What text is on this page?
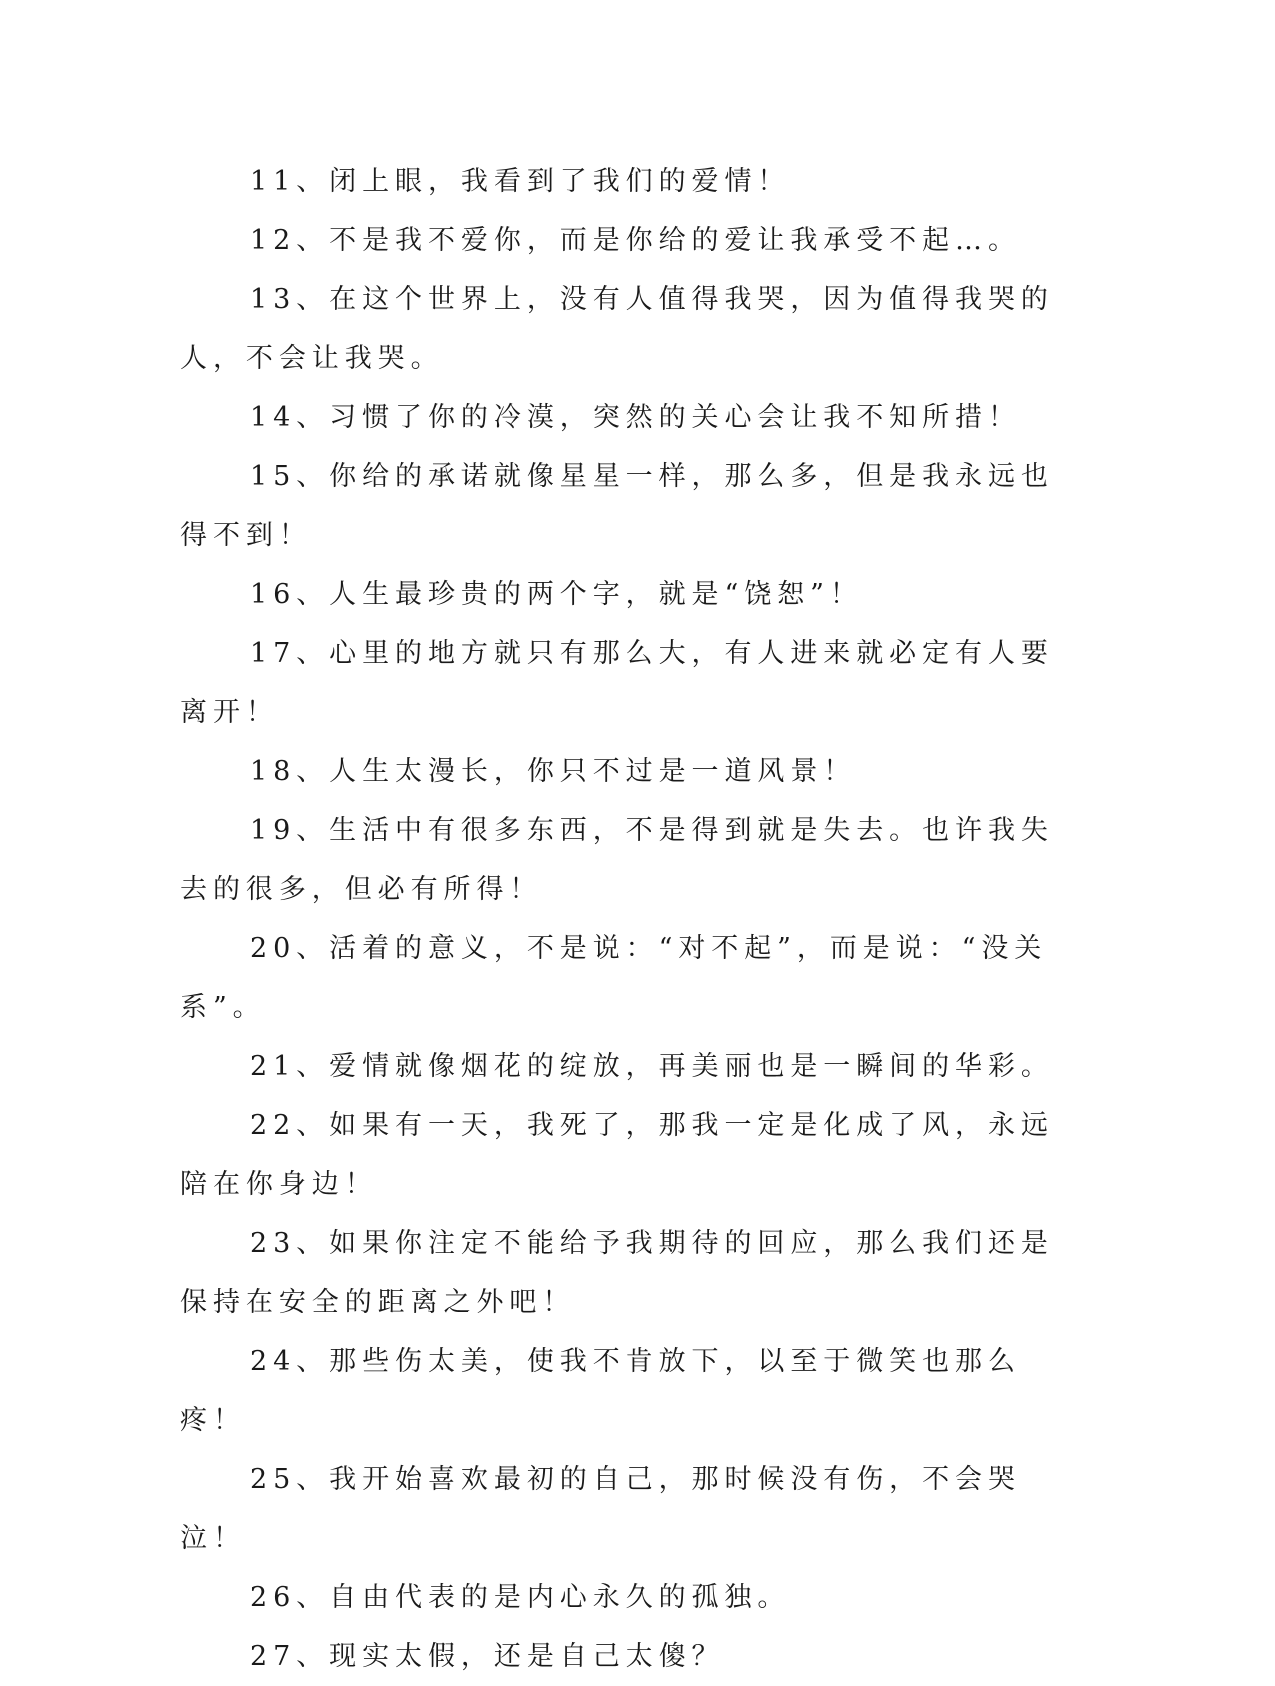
11、闭上眼，我看到了我们的爱情！

12、不是我不爱你，而是你给的爱让我承受不起…。

13、在这个世界上，没有人值得我哭，因为值得我哭的人，不会让我哭。

14、习惯了你的冷漠，突然的关心会让我不知所措！

15、你给的承诺就像星星一样，那么多，但是我永远也得不到！

16、人生最珍贵的两个字，就是“饶恕”！

17、心里的地方就只有那么大，有人进来就必定有人要离开！

18、人生太漫长，你只不过是一道风景！

19、生活中有很多东西，不是得到就是失去。也许我失去的很多，但必有所得！

20、活着的意义，不是说：“对不起”，而是说：“没关系”。

21、爱情就像烟花的绽放，再美丽也是一瞬间的华彩。

22、如果有一天，我死了，那我一定是化成了风，永远陪在你身边！

23、如果你注定不能给予我期待的回应，那么我们还是保持在安全的距离之外吧！

24、那些伤太美，使我不肯放下，以至于微笑也那么疼！

25、我开始喜欢最初的自己，那时候没有伤，不会哭泣！

26、自由代表的是内心永久的孤独。

27、现实太假，还是自己太傻？
